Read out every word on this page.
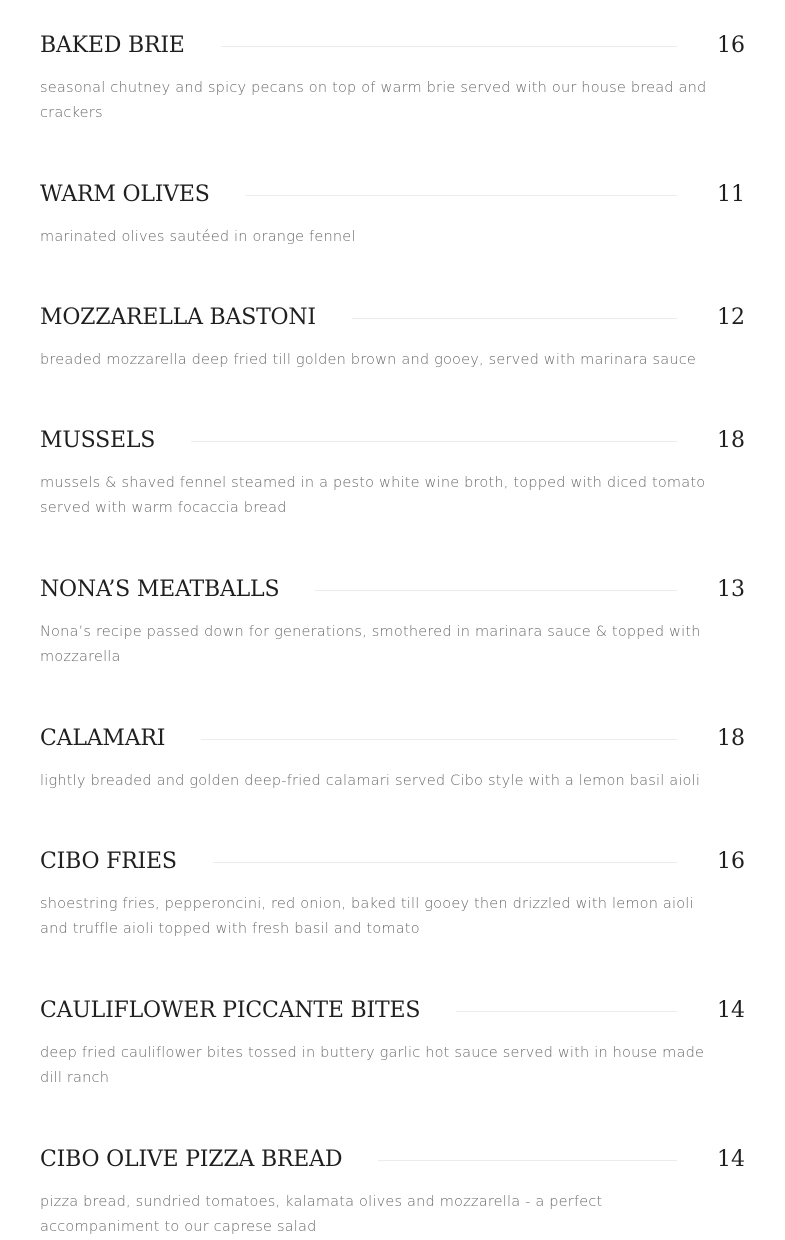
BAKED BRIE	16
seasonal chutney and spicy pecans on top of warm brie served with our house bread and crackers
WARM OLIVES	11
marinated olives sautéed in orange fennel
MOZZARELLA BASTONI	12
breaded mozzarella deep fried till golden brown and gooey, served with marinara sauce
MUSSELS	18
mussels & shaved fennel steamed in a pesto white wine broth, topped with diced tomato served with warm focaccia bread
NONA’S MEATBALLS	13
Nona’s recipe passed down for generations, smothered in marinara sauce & topped with mozzarella
CALAMARI	18
lightly breaded and golden deep-fried calamari served Cibo style with a lemon basil aioli
CIBO FRIES	16
shoestring fries, pepperoncini, red onion, baked till gooey then drizzled with lemon aioli and truffle aioli topped with fresh basil and tomato
CAULIFLOWER PICCANTE BITES	14
deep fried cauliflower bites tossed in buttery garlic hot sauce served with in house made dill ranch
CIBO OLIVE PIZZA BREAD	14
pizza bread, sundried tomatoes, kalamata olives and mozzarella - a perfect accompaniment to our caprese salad
